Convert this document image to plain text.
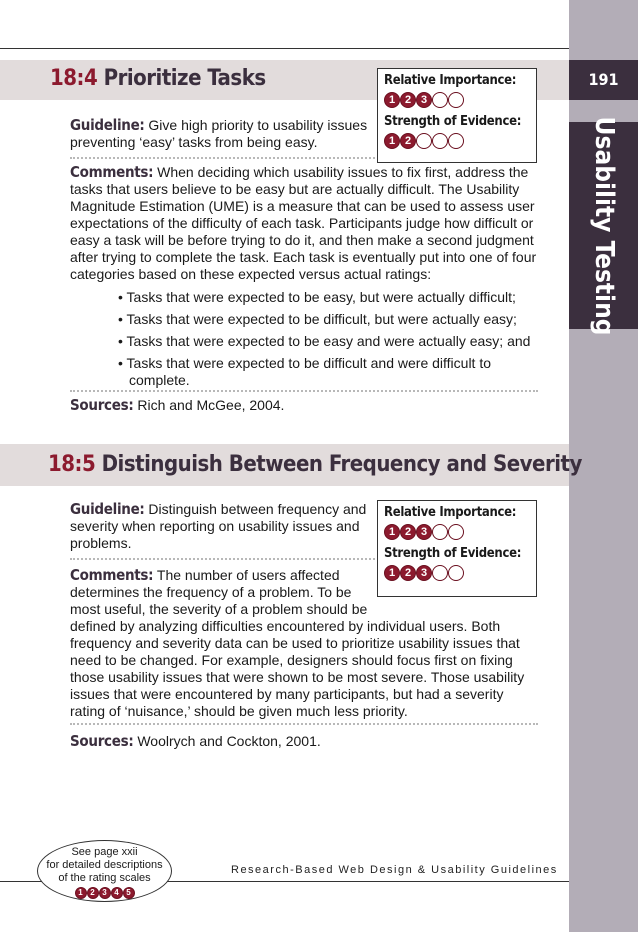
191
Usability Testing
18:4 Prioritize Tasks	Relative Importance:
1 2 3
Strength of Evidence:
1 2
Guideline: Give high priority to usability issues preventing ‘easy’ tasks from being easy.
Comments: When deciding which usability issues to fix first, address the tasks that users believe to be easy but are actually difficult. The Usability Magnitude Estimation (UME) is a measure that can be used to assess user expectations of the difficulty of each task. Participants judge how difficult or easy a task will be before trying to do it, and then make a second judgment after trying to complete the task. Each task is eventually put into one of four categories based on these expected versus actual ratings:
• Tasks that were expected to be easy, but were actually difficult;
• Tasks that were expected to be difficult, but were actually easy;
• Tasks that were expected to be easy and were actually easy; and
• Tasks that were expected to be difficult and were difficult to complete.
Sources: Rich and McGee, 2004.
18:5 Distinguish Between Frequency and Severity
Relative Importance:
1 2 3
Strength of Evidence:
1 2 3
Guideline: Distinguish between frequency and severity when reporting on usability issues and problems.
Comments: The number of users affected determines the frequency of a problem. To be most useful, the severity of a problem should be defined by analyzing difficulties encountered by individual users. Both frequency and severity data can be used to prioritize usability issues that need to be changed. For example, designers should focus first on fixing those usability issues that were shown to be most severe. Those usability issues that were encountered by many participants, but had a severity rating of ‘nuisance,’ should be given much less priority.
Sources: Woolrych and Cockton, 2001.
Research-Based Web Design & Usability Guidelines
See page xxii
for detailed descriptions
of the rating scales
1 2 3 4 5
